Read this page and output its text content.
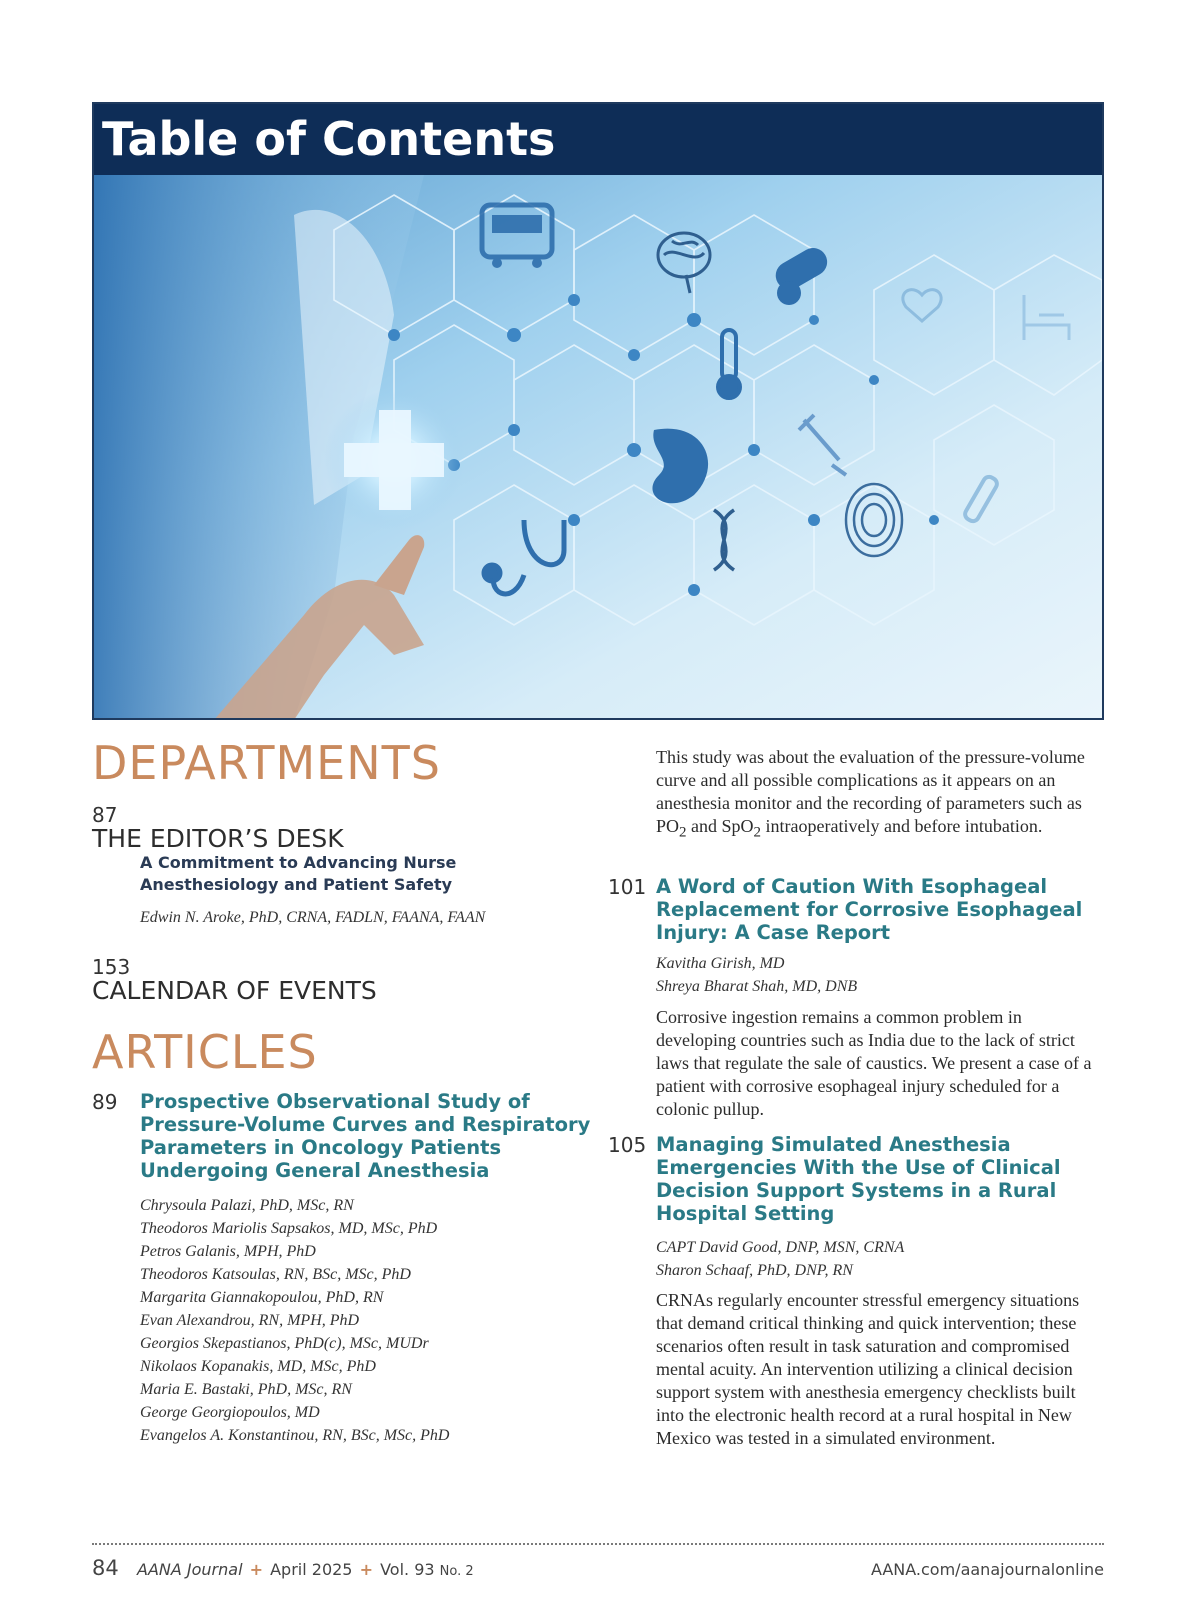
Table of Contents
DEPARTMENTS
87
THE EDITOR’S DESK
A Commitment to Advancing Nurse Anesthesiology and Patient Safety
Edwin N. Aroke, PhD, CRNA, FADLN, FAANA, FAAN
153
CALENDAR OF EVENTS
ARTICLES
89 Prospective Observational Study of Pressure-Volume Curves and Respiratory Parameters in Oncology Patients Undergoing General Anesthesia
Chrysoula Palazi, PhD, MSc, RN
Theodoros Mariolis Sapsakos, MD, MSc, PhD
Petros Galanis, MPH, PhD
Theodoros Katsoulas, RN, BSc, MSc, PhD
Margarita Giannakopoulou, PhD, RN
Evan Alexandrou, RN, MPH, PhD
Georgios Skepastianos, PhD(c), MSc, MUDr
Nikolaos Kopanakis, MD, MSc, PhD
Maria E. Bastaki, PhD, MSc, RN
George Georgiopoulos, MD
Evangelos A. Konstantinou, RN, BSc, MSc, PhD
This study was about the evaluation of the pressure-volume curve and all possible complications as it appears on an anesthesia monitor and the recording of parameters such as $PO_2$ and SpO$_2$ intraoperatively and before intubation.
101 A Word of Caution With Esophageal Replacement for Corrosive Esophageal Injury: A Case Report
Kavitha Girish, MD
Shreya Bharat Shah, MD, DNB
Corrosive ingestion remains a common problem in developing countries such as India due to the lack of strict laws that regulate the sale of caustics. We present a case of a patient with corrosive esophageal injury scheduled for a colonic pullup.
105 Managing Simulated Anesthesia Emergencies With the Use of Clinical Decision Support Systems in a Rural Hospital Setting
CAPT David Good, DNP, MSN, CRNA
Sharon Schaaf, PhD, DNP, RN
CRNAs regularly encounter stressful emergency situations that demand critical thinking and quick intervention; these scenarios often result in task saturation and compromised mental acuity. An intervention utilizing a clinical decision support system with anesthesia emergency checklists built into the electronic health record at a rural hospital in New Mexico was tested in a simulated environment.
84 AANA Journal + April 2025 + Vol. 93 No. 2	AANA.com/aanajournalonline
